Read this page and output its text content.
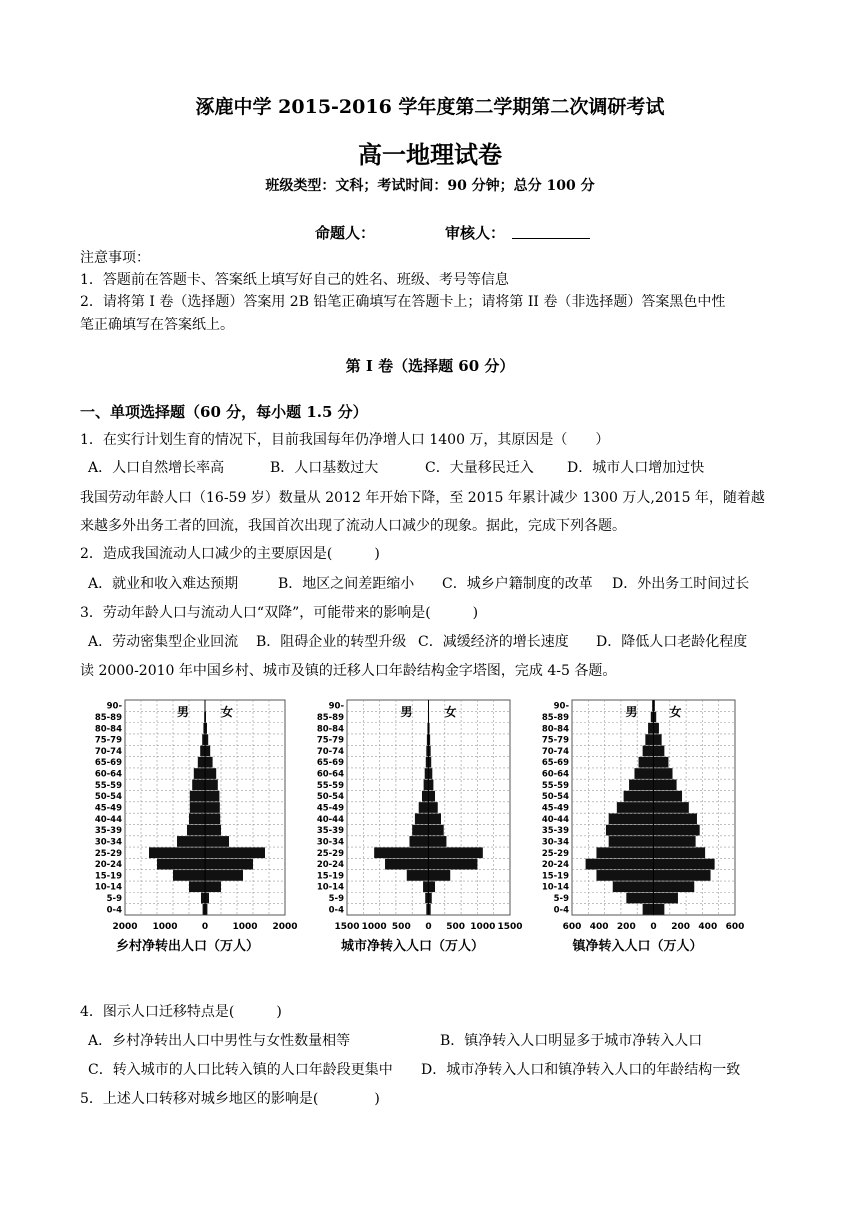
涿鹿中学 2015-2016 学年度第二学期第二次调研考试
高一地理试卷
班级类型：文科；考试时间：90 分钟；总分 100 分
命题人：	审核人：
注意事项：
1．答题前在答题卡、答案纸上填写好自己的姓名、班级、考号等信息
2．请将第 I 卷（选择题）答案用 2B 铅笔正确填写在答题卡上；请将第 II 卷（非选择题）答案黑色中性
笔正确填写在答案纸上。
第 I 卷（选择题 60 分）
一、单项选择题（60 分，每小题 1.5 分）
1．在实行计划生育的情况下，目前我国每年仍净增人口 1400 万，其原因是（　　）
A．人口自然增长率高	B．人口基数过大	C．大量移民迁入 D．城市人口增加过快
我国劳动年龄人口（16-59 岁）数量从 2012 年开始下降，至 2015 年累计减少 1300 万人,2015 年，随着越
来越多外出务工者的回流，我国首次出现了流动人口减少的现象。据此，完成下列各题。
2．造成我国流动人口减少的主要原因是(　　　)
A．就业和收入难达预期	B．地区之间差距缩小 C．城乡户籍制度的改革 D．外出务工时间过长
3．劳动年龄人口与流动人口“双降”，可能带来的影响是(　　　)
A．劳动密集型企业回流 B．阻碍企业的转型升级 C．减缓经济的增长速度 D．降低人口老龄化程度
读 2000-2010 年中国乡村、城市及镇的迁移人口年龄结构金字塔图，完成 4-5 各题。
0-4
5-9
10-14
15-19
20-24
25-29
30-34
35-39
40-44
45-49
50-54
55-59
60-64
65-69
70-74
75-79
80-84
85-89
90-	男	女
2000 1000	0	1000 2000
乡村净转出人口（万人）
0-4
5-9
10-14
15-19
20-24
25-29
30-34
35-39
40-44
45-49
50-54
55-59
60-64
65-69
70-74
75-79
80-84
85-89
90-	男	女
1500 1000 500 0 500 1000 1500
城市净转入人口（万人）
0-4
5-9
10-14
15-19
20-24
25-29
30-34
35-39
40-44
45-49
50-54
55-59
60-64
65-69
70-74
75-79
80-84
85-89
90-	男	女
600 400 200 0 200 400 600
镇净转入人口（万人）
4．图示人口迁移特点是(　　　)
A．乡村净转出人口中男性与女性数量相等	B．镇净转入人口明显多于城市净转入人口
C．转入城市的人口比转入镇的人口年龄段更集中 D．城市净转入人口和镇净转入人口的年龄结构一致
5．上述人口转移对城乡地区的影响是(　　　　)
